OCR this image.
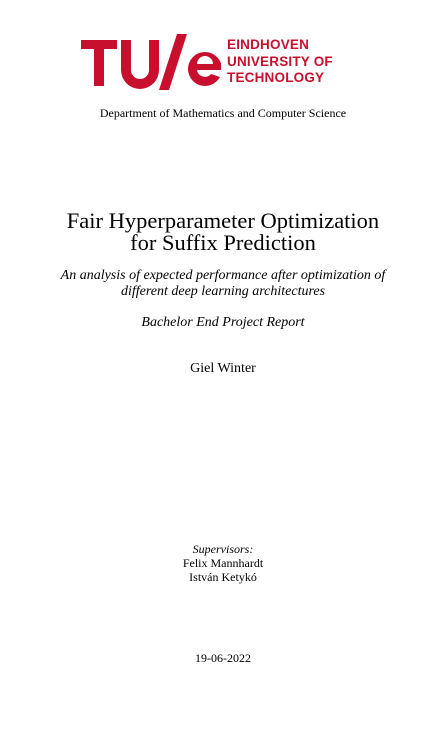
EINDHOVEN
UNIVERSITY OF
TECHNOLOGY
Department of Mathematics and Computer Science
Fair Hyperparameter Optimization
for Suffix Prediction
An analysis of expected performance after optimization of
different deep learning architectures
Bachelor End Project Report
Giel Winter
Supervisors:
Felix Mannhardt
István Ketykó
19-06-2022
